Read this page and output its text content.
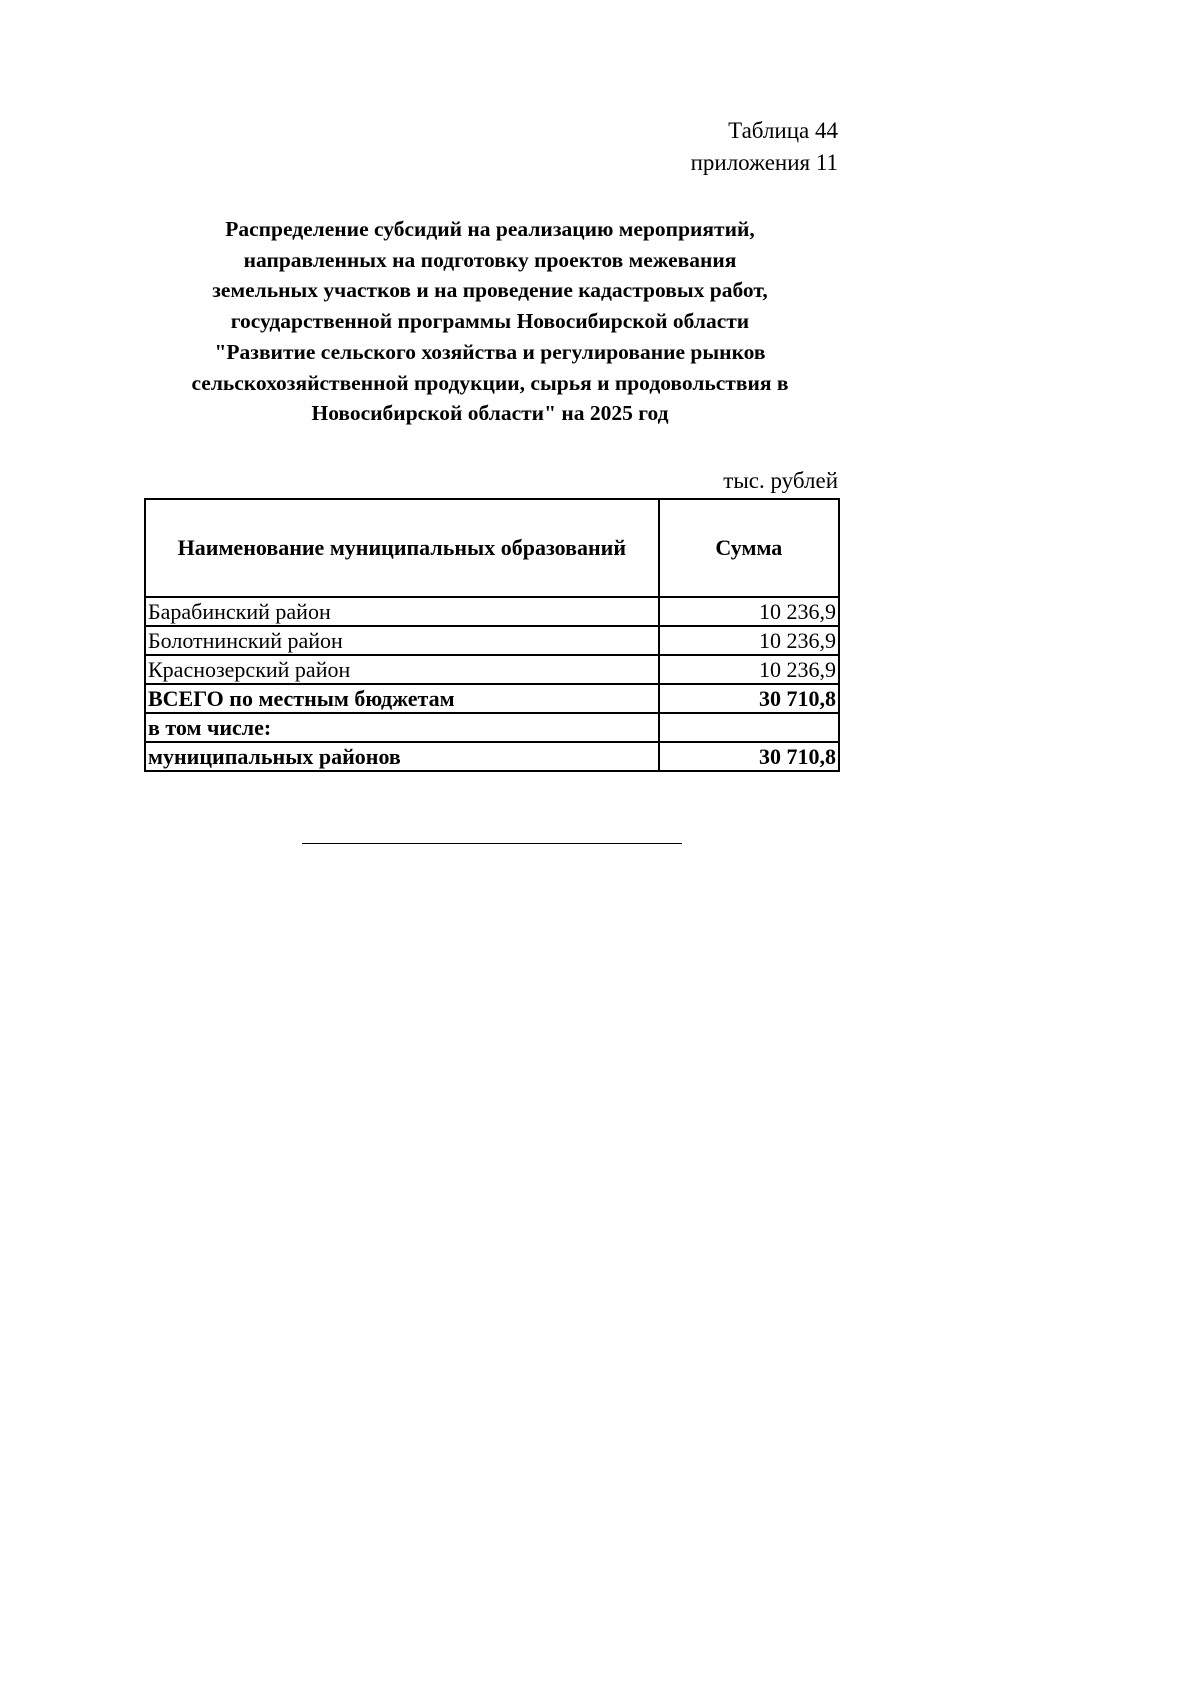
Таблица 44
приложения 11
Распределение субсидий на реализацию мероприятий,
направленных на подготовку проектов межевания
земельных участков и на проведение кадастровых работ,
государственной программы Новосибирской области
"Развитие сельского хозяйства и регулирование рынков
сельскохозяйственной продукции, сырья и продовольствия в
Новосибирской области" на 2025 год
тыс. рублей
Наименование муниципальных образований	Сумма
Барабинский район	10 236,9
Болотнинский район	10 236,9
Краснозерский район	10 236,9
ВСЕГО по местным бюджетам	30 710,8
в том числе:	
муниципальных районов	30 710,8
